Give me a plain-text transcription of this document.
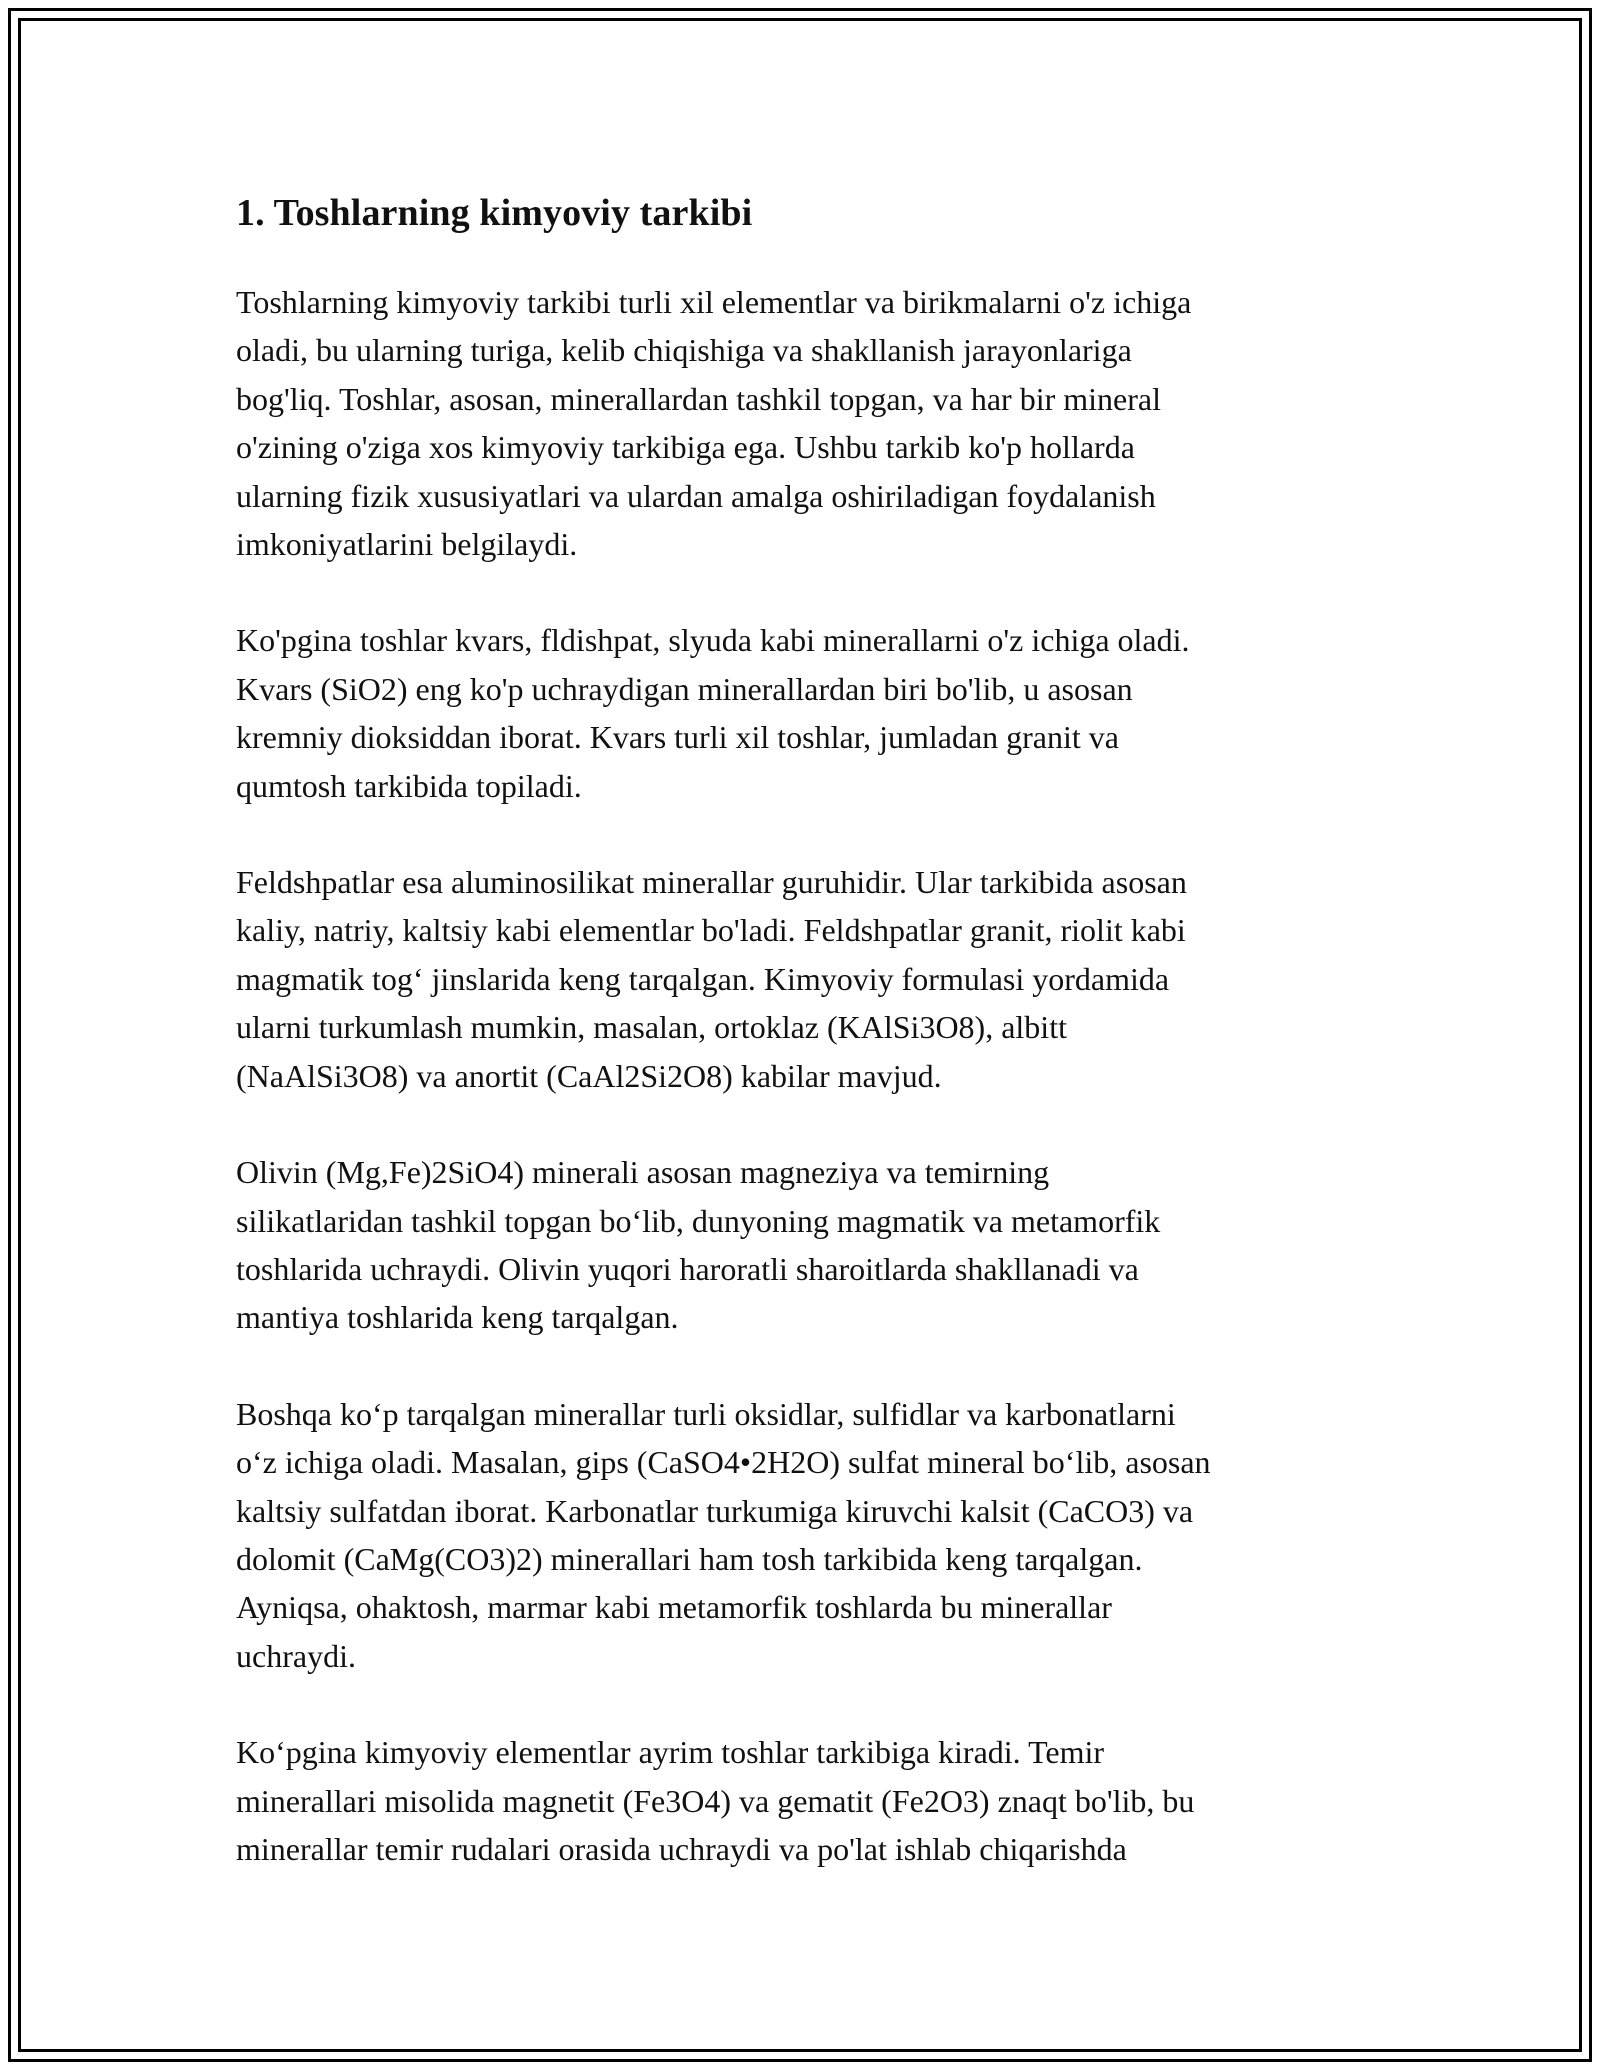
1. Toshlarning kimyoviy tarkibi

Toshlarning kimyoviy tarkibi turli xil elementlar va birikmalarni o'z ichiga
oladi, bu ularning turiga, kelib chiqishiga va shakllanish jarayonlariga
bog'liq. Toshlar, asosan, minerallardan tashkil topgan, va har bir mineral
o'zining o'ziga xos kimyoviy tarkibiga ega. Ushbu tarkib ko'p hollarda
ularning fizik xususiyatlari va ulardan amalga oshiriladigan foydalanish
imkoniyatlarini belgilaydi.

Ko'pgina toshlar kvars, fldishpat, slyuda kabi minerallarni o'z ichiga oladi.
Kvars (SiO2) eng ko'p uchraydigan minerallardan biri bo'lib, u asosan
kremniy dioksiddan iborat. Kvars turli xil toshlar, jumladan granit va
qumtosh tarkibida topiladi.

Feldshpatlar esa aluminosilikat minerallar guruhidir. Ular tarkibida asosan
kaliy, natriy, kaltsiy kabi elementlar bo'ladi. Feldshpatlar granit, riolit kabi
magmatik tog‘ jinslarida keng tarqalgan. Kimyoviy formulasi yordamida
ularni turkumlash mumkin, masalan, ortoklaz (KAlSi3O8), albitt
(NaAlSi3O8) va anortit (CaAl2Si2O8) kabilar mavjud.

Olivin (Mg,Fe)2SiO4) minerali asosan magneziya va temirning
silikatlaridan tashkil topgan bo‘lib, dunyoning magmatik va metamorfik
toshlarida uchraydi. Olivin yuqori haroratli sharoitlarda shakllanadi va
mantiya toshlarida keng tarqalgan.

Boshqa ko‘p tarqalgan minerallar turli oksidlar, sulfidlar va karbonatlarni
o‘z ichiga oladi. Masalan, gips (CaSO4•2H2O) sulfat mineral bo‘lib, asosan
kaltsiy sulfatdan iborat. Karbonatlar turkumiga kiruvchi kalsit (CaCO3) va
dolomit (CaMg(CO3)2) minerallari ham tosh tarkibida keng tarqalgan.
Ayniqsa, ohaktosh, marmar kabi metamorfik toshlarda bu minerallar
uchraydi.

Ko‘pgina kimyoviy elementlar ayrim toshlar tarkibiga kiradi. Temir
minerallari misolida magnetit (Fe3O4) va gematit (Fe2O3) znaqt bo'lib, bu
minerallar temir rudalari orasida uchraydi va po'lat ishlab chiqarishda
